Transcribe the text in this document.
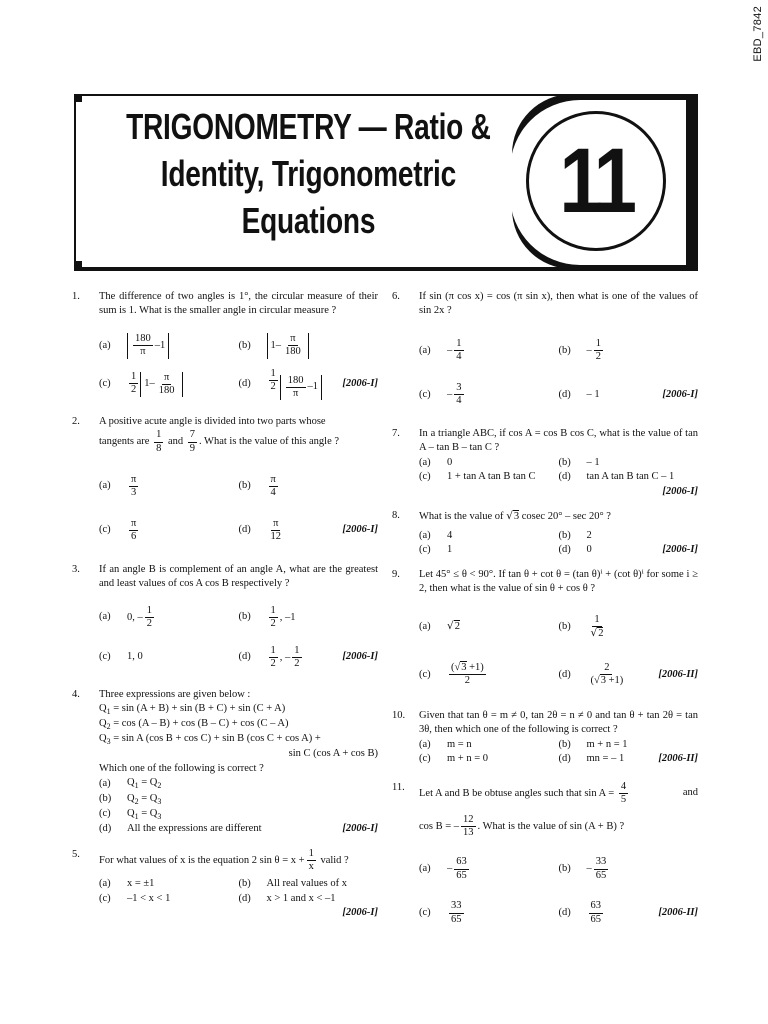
EBD_7842
TRIGONOMETRY — Ratio &
Identity, Trigonometric
Equations	11
1. The difference of two angles is 1°, the circular measure of their sum is 1. What is the smaller angle in circular measure ?
(a)	$\frac{180}{\pi} -1$	(b)	$1- \frac{\pi}{180}$
(c)	$\frac{1}{2} 1- \frac{\pi}{180}$	(d)	$\frac{1}{2} \frac{180}{\pi} -1$	[2006-I]
2. A positive acute angle is divided into two parts whose
tangents are $\frac{1}{8}$ and $\frac{7}{9}$ . What is the value of this angle ?
(a)	$\frac{\pi}{3}$	(b)	$\frac{\pi}{4}$
(c)	$\frac{\pi}{6}$	(d)	$\frac{\pi}{12}$	[2006-I]
3. If an angle B is complement of an angle A, what are the greatest and least values of cos A cos B respectively ?
(a)	0, – $\frac{1}{2}$	(b)	$\frac{1}{2}$ , –1
(c)	1, 0	(d)	$\frac{1}{2}$ , – $\frac{1}{2}$	[2006-I]
4. Three expressions are given below :
$Q_1 = \sin (A + B) + \sin (B + C) + \sin (C + A)$
$Q_2 = \cos (A - B) + \cos (B - C) + \cos (C - A)$
$Q_3 = \sin A$ (cos B + cos C) + sin B (cos C + cos A) +
sin C (cos A + cos B)
Which one of the following is correct ?
(a)	$Q_1 = Q_2$
(b)	$Q_2 = Q_3$
(c)	$Q_1 = Q_3$
(d)	All the expressions are different	[2006-I]
5.
For what values of x is the equation 2 $\sin \theta = x + \frac{1}{x}$ valid ?
(a)	x = ±1	(b)	All real values of x
(c)	–1 < x < 1	(d)	x > 1 and x < –1
[2006-I]
6. If sin (π cos x) = cos (π sin x), then what is one of the values of sin 2x ?
(a)	– $\frac{1}{4}$	(b)	– $\frac{1}{2}$
(c)	– $\frac{3}{4}$	(d)	– 1	[2006-I]
7. In a triangle ABC, if cos A = cos B cos C, what is the value of tan A – tan B – tan C ?
(a)	0	(b)	– 1
(c)	1 + tan A tan B tan C (d)	tan A tan B tan C – 1
[2006-I]
8. What is the value of √3 cosec 20° – sec 20° ?
(a)	4	(b)	2
(c)	1	(d)	0	[2006-I]
9. Let 45° ≤ θ < 90°. If tan θ + cot θ = (tan θ)ⁱ + (cot θ)ⁱ for some i ≥ 2, then what is the value of sin θ + cos θ ?
(a)	√2	(b)	$\frac{1}{√2}$
(c)	$\frac{(√3 +1)}{2}$	(d)	$\frac{2}{(√3 +1)}$	[2006-II]
10. Given that tan θ = m ≠ 0, tan 2θ = n ≠ 0 and tan θ + tan 2θ = tan 3θ, then which one of the following is correct ?
(a)	m = n	(b)	m + n = 1
(c)	m + n = 0	(d)	mn = – 1	[2006-II]
11.
Let A and B be obtuse angles such that $\sin A = \frac{4}{5}$	and
cos B = – $\frac{12}{13}$ . What is the value of sin (A + B) ?
(a)	– $\frac{63}{65}$	(b)	– $\frac{33}{65}$
(c)	$\frac{33}{65}$	(d)	$\frac{63}{65}$	[2006-II]
